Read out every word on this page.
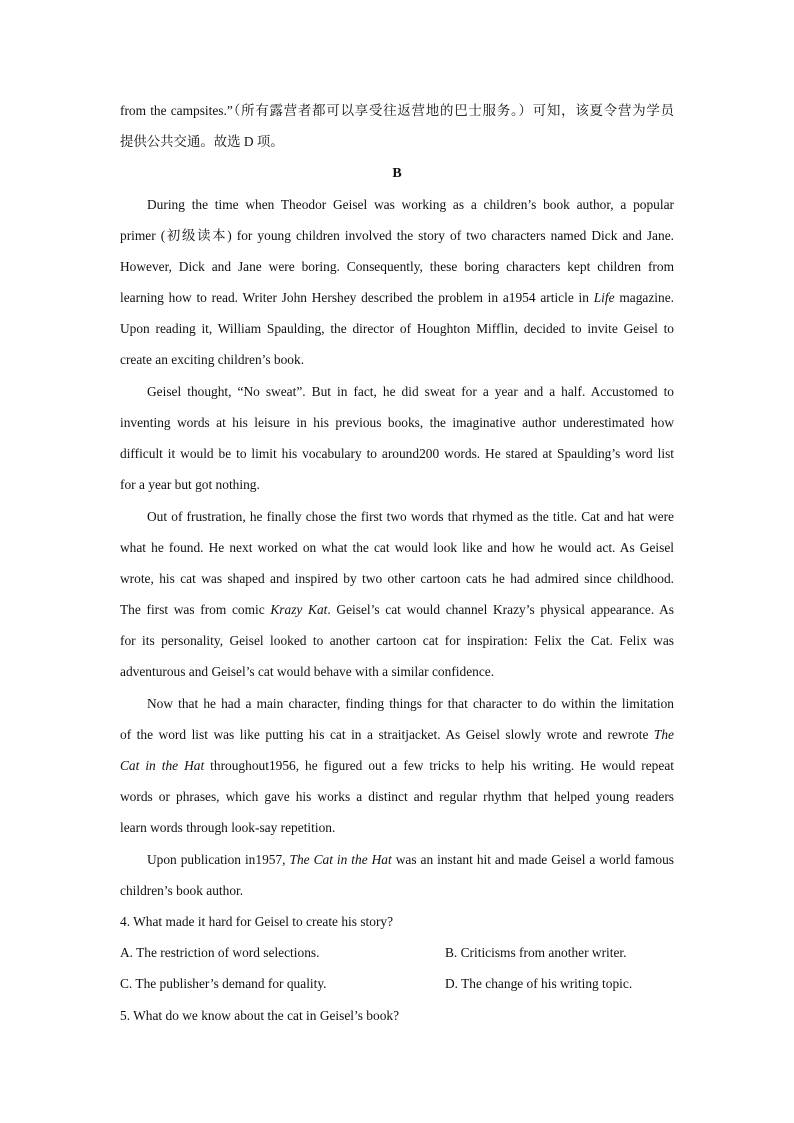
from the campsites.”（所有露营者都可以享受往返营地的巴士服务。）可知，该夏令营为学员
提供公共交通。故选 D 项。
B
During the time when Theodor Geisel was working as a children’s book author, a popular
primer (初级读本) for young children involved the story of two characters named Dick and Jane.
However, Dick and Jane were boring. Consequently, these boring characters kept children from
learning how to read. Writer John Hershey described the problem in a1954 article in Life magazine.
Upon reading it, William Spaulding, the director of Houghton Mifflin, decided to invite Geisel to
create an exciting children’s book.
Geisel thought, “No sweat”. But in fact, he did sweat for a year and a half. Accustomed to
inventing words at his leisure in his previous books, the imaginative author underestimated how
difficult it would be to limit his vocabulary to around200 words. He stared at Spaulding’s word list
for a year but got nothing.
Out of frustration, he finally chose the first two words that rhymed as the title. Cat and hat were
what he found. He next worked on what the cat would look like and how he would act. As Geisel
wrote, his cat was shaped and inspired by two other cartoon cats he had admired since childhood.
The first was from comic Krazy Kat. Geisel’s cat would channel Krazy’s physical appearance. As
for its personality, Geisel looked to another cartoon cat for inspiration: Felix the Cat. Felix was
adventurous and Geisel’s cat would behave with a similar confidence.
Now that he had a main character, finding things for that character to do within the limitation
of the word list was like putting his cat in a straitjacket. As Geisel slowly wrote and rewrote The
Cat in the Hat throughout1956, he figured out a few tricks to help his writing. He would repeat
words or phrases, which gave his works a distinct and regular rhythm that helped young readers
learn words through look-say repetition.
Upon publication in1957, The Cat in the Hat was an instant hit and made Geisel a world famous
children’s book author.
4. What made it hard for Geisel to create his story?
A. The restriction of word selections.	B. Criticisms from another writer.
C. The publisher’s demand for quality.	D. The change of his writing topic.
5. What do we know about the cat in Geisel’s book?
